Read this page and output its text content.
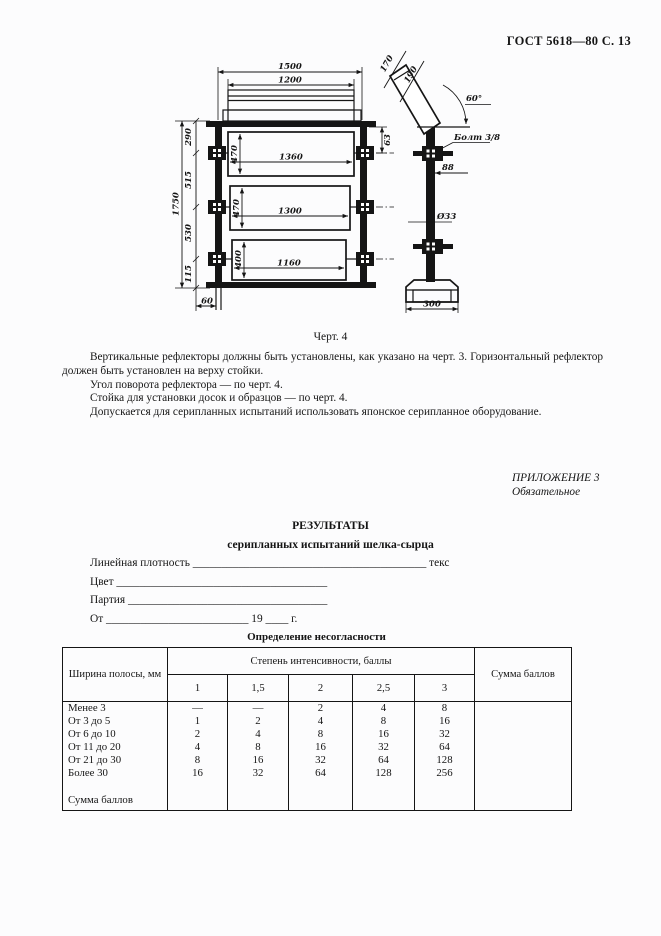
ГОСТ 5618—80 С. 13
1500
1200
470	1360
470	1300
400	1160
290
515
530
115
1750
60
63
170
190
60°
Болт 3/8
88
Ø33
300
Черт. 4

Вертикальные рефлекторы должны быть установлены, как указано на черт. 3. Горизонтальный рефлектор должен быть установлен на верху стойки.

Угол поворота рефлектора — по черт. 4.

Стойка для установки досок и образцов — по черт. 4.

Допускается для серипланных испытаний использовать японское серипланное оборудование.

ПРИЛОЖЕНИЕ 3
Обязательное
РЕЗУЛЬТАТЫ
серипланных испытаний шелка-сырца
Линейная плотность _________________________________________ текс
Цвет _____________________________________
Партия ___________________________________
От _________________________ 19 ____ г.
Определение несогласности
Ширина полосы, мм	Степень интенсивности, баллы					Сумма баллов
	1	1,5	2	2,5	3	
Менее 3	—	—	2	4	8	
От 3 до 5	1	2	4	8	16	
От 6 до 10	2	4	8	16	32	
От 11 до 20	4	8	16	32	64	
От 21 до 30	8	16	32	64	128	
Более 30	16	32	64	128	256	

Сумма баллов						
